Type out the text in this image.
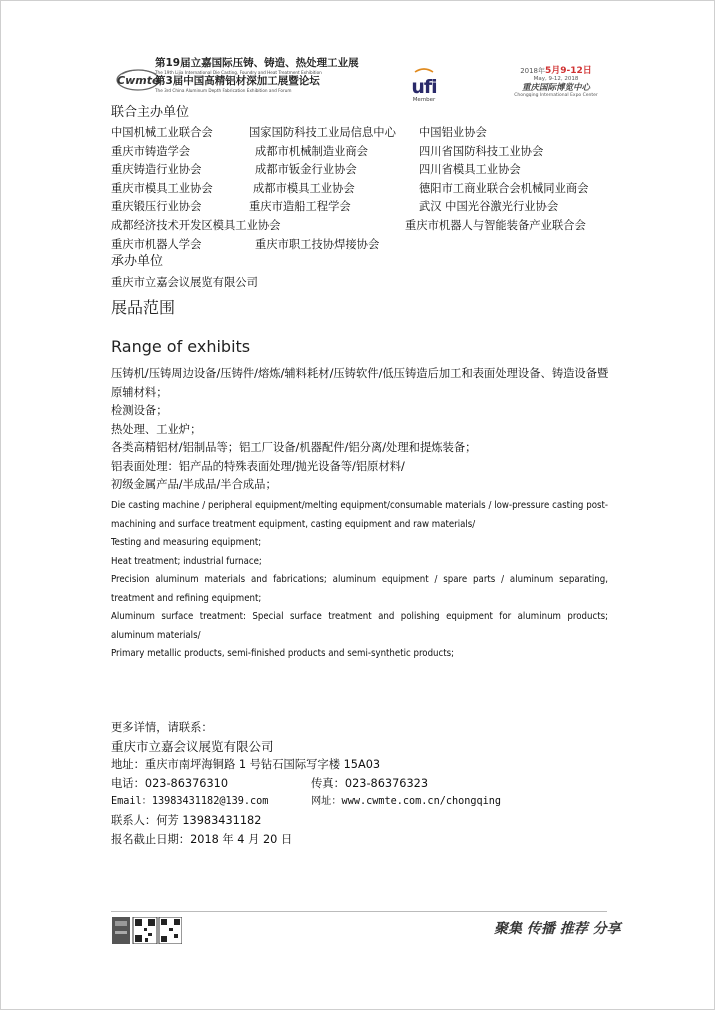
Cwmte
第19届立嘉国际压铸、铸造、热处理工业展
The 19th Lijia International Die Casting, Foundry and Heat Treatment Exhibition
第3届中国高精铝材深加工展暨论坛
The 3rd China Aluminum Depth Fabrication Exhibition and Forum	ufi
Member
2018年5月9-12日
May, 9-12, 2018
重庆国际博览中心
Chongqing International Expo Center
联合主办单位
中国机械工业联合会	国家国防科技工业局信息中心 中国铝业协会
重庆市铸造学会	成都市机械制造业商会	四川省国防科技工业协会
重庆铸造行业协会	成都市钣金行业协会	四川省模具工业协会
重庆市模具工业协会	成都市模具工业协会	德阳市工商业联合会机械同业商会
重庆锻压行业协会	重庆市造船工程学会	武汉 中国光谷激光行业协会
成都经济技术开发区模具工业协会	重庆市机器人与智能装备产业联合会
重庆市机器人学会	重庆市职工技协焊接协会
承办单位
重庆市立嘉会议展览有限公司
展品范围
Range of exhibits

压铸机/压铸周边设备/压铸件/熔炼/辅料耗材/压铸软件/低压铸造后加工和表面处理设备、铸造设备暨原辅材料；

检测设备；

热处理、工业炉；

各类高精铝材/铝制品等；铝工厂设备/机器配件/铝分离/处理和提炼装备；

铝表面处理：铝产品的特殊表面处理/抛光设备等/铝原材料/

初级金属产品/半成品/半合成品；

Die casting machine / peripheral equipment/melting equipment/consumable materials / low-pressure casting post-machining and surface treatment equipment, casting equipment and raw materials/

Testing and measuring equipment;

Heat treatment; industrial furnace;

Precision aluminum materials and fabrications; aluminum equipment / spare parts / aluminum separating, treatment and refining equipment;

Aluminum surface treatment: Special surface treatment and polishing equipment for aluminum products; aluminum materials/

Primary metallic products, semi-finished products and semi-synthetic products;

更多详情，请联系：
重庆市立嘉会议展览有限公司
地址：重庆市南坪海铜路 1 号钻石国际写字楼 15A03
电话：023-86376310	传真：023-86376323
Email：13983431182@139.com	网址：www.cwmte.com.cn/chongqing
联系人：何芳 13983431182
报名截止日期：2018 年 4 月 20 日
聚集 传播 推荐 分享
